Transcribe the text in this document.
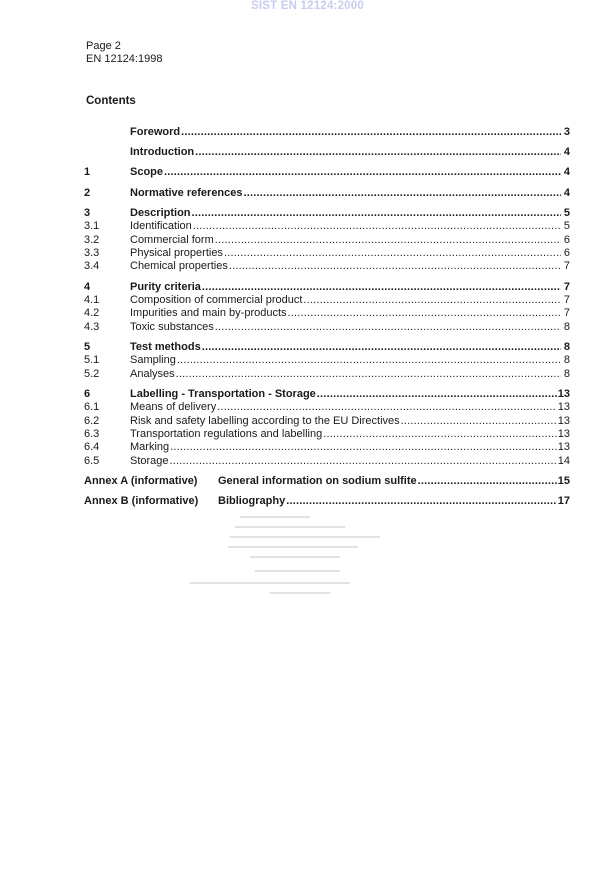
SIST EN 12124:2000
Page 2
EN 12124:1998
Contents
Foreword .....	3
Introduction .....	4
1	Scope .....	4
2	Normative references .....	4
3	Description .....	5
3.1	Identification .....	5
3.2	Commercial form .....	6
3.3	Physical properties .....	6
3.4	Chemical properties .....	7
4	Purity criteria .....	7
4.1	Composition of commercial product .....	7
4.2	Impurities and main by-products .....	7
4.3	Toxic substances .....	8
5	Test methods .....	8
5.1	Sampling .....	8
5.2	Analyses .....	8
6	Labelling - Transportation - Storage .....	13
6.1	Means of delivery .....	13
6.2	Risk and safety labelling according to the EU Directives .....	13
6.3	Transportation regulations and labelling .....	13
6.4	Marking .....	13
6.5	Storage .....	14
Annex A (informative)	General information on sodium sulfite .....	15
Annex B (informative)	Bibliography .....	17
